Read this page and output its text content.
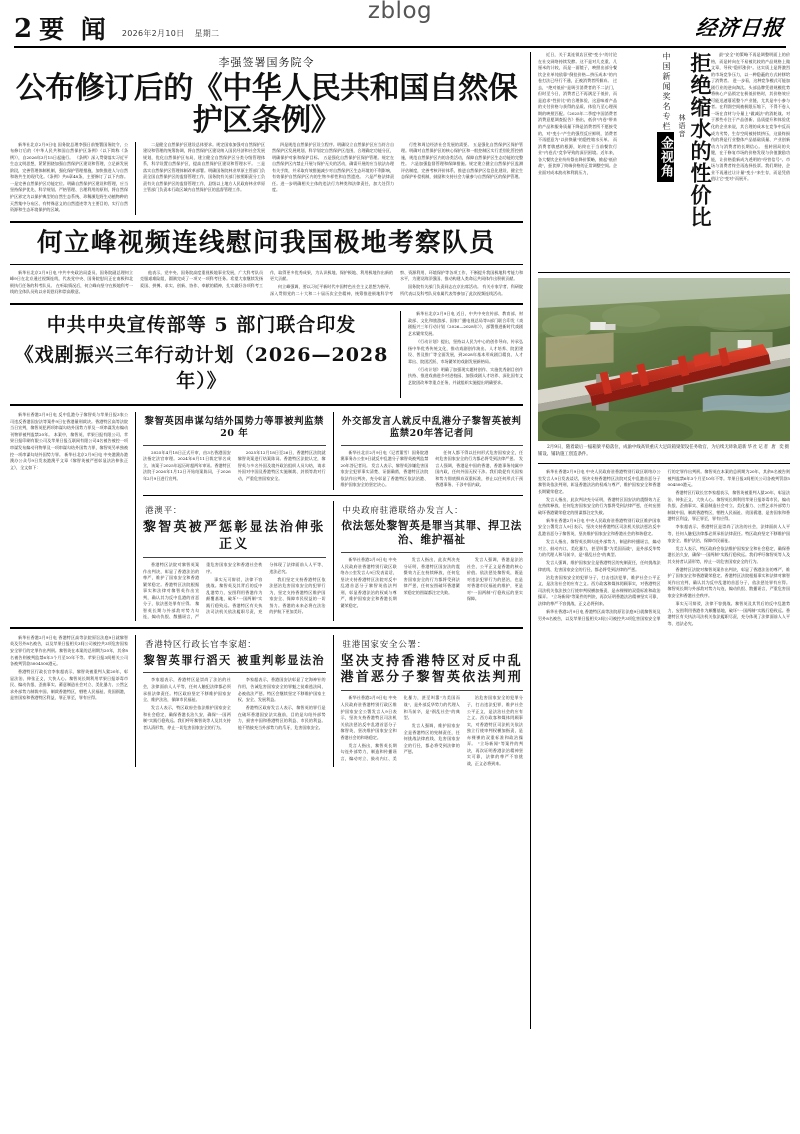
2 要 闻 2026年2月10日 星期二
zblog
经济日报
李强签署国务院令
公布修订后的《中华人民共和国自然保护区条例》

新华社北京2月9日电 国务院总理李强日前签署国务院令，公布修订后的《中华人民共和国自然保护区条例》（以下简称《条例》），自2026年3月15日起施行。 《条例》深入贯彻落实习近平生态文明思想，紧紧围绕加强自然保护区建设和管理，立足新发展阶段，完善管理体制机制，强化保护管理措施，加快推进人与自然和谐共生的现代化。《条例》共8章48条，主要修订了以下内容。 一是完善自然保护区功能定位。明确自然保护区建设和管理，应当坚持保护优先、科学规划、严格管理、合理利用的原则，将自然保护区界定为以保护典型的自然生态系统、珍稀濒危野生动植物种的天然集中分布区、有特殊意义的自然遗迹等为主要目的，实行自然资源和生态环境保护的区域。

二是健全自然保护区建设总体要求。规定国家加强对自然保护区建设和管理的统筹协调，将自然保护区建设纳入国民经济和社会发展规划，优化自然保护区布局，建立健全自然保护区分类分级管理体系，科学设置自然保护区，提高自然保护区建设和管理水平。 三是落实自然保护区管理体制改革部署。明确国务院林业草原主管部门负责全国自然保护区的监督管理工作，国务院有关部门按照职责分工负责有关自然保护区的监督管理工作，县级以上地方人民政府林业草原主管部门负责本行政区域内自然保护区的监督管理工作。

四是规范自然保护区设立程序。明确设立自然保护区应当符合自然保护区发展规划，科学划定自然保护区范围，合理确定功能分区，明确保护对象和保护目标。 五是强化自然保护区保护管理。规定在自然保护区内禁止开展与保护无关的活动，确需开展的应当依法办理有关手续，并采取有效措施减少对自然保护区生态环境的不利影响，有效保护自然保护区内的生物多样性和自然遗迹。 六是严格法律责任。进一步明确相关主体的违法行为种类和法律责任，加大处罚力度。

行性和周边经济社会发展的需要。 五是强化自然保护区保护管理。明确对自然保护区的核心保护区和一般控制区实行差别化管控措施，规范自然保护区内的各类活动，保障自然保护区生态功能的完整性。 六是加强监督管理和保障措施。规定建立健全自然保护区监测评估制度，完善考核评价体系，推进自然保护区信息化建设，健全生态保护补偿机制，鼓励和支持社会力量参与自然保护区的保护管理。

何立峰视频连线慰问我国极地考察队员

新华社北京2月9日电 中共中央政治局委员、国务院副总理何立峰9日在北京通过视频连线，代表党中央、国务院慰问正在南极和北极执行任务的科考队员。 在听取情况后，何立峰向坚守在极地科考一线的全体队员致以亲切慰问和崇高敬意。

他表示，党中央、国务院高度重视极地事业发展，广大科考队员克服艰难险阻，圆满完成了一项又一项科考任务。希望大家继续发扬爱国、拼搏、求实、创新、协作、奉献的精神，扎实做好各项科考工作，取得更多优秀成果，为认识极地、保护极地、利用极地作出新的更大贡献。

何立峰强调，要以习近平新时代中国特色社会主义思想为指导，深入贯彻党的二十大和二十届历次全会精神，统筹推进极地科学考察、资源利用、环境保护等各项工作，不断提升我国极地科考能力和水平，为建设海洋强国、推动构建人类命运共同体作出积极贡献。

国务院有关部门负责同志在京出席活动。 有关专家学者、科研院所代表以及科考队员家属代表等参加了此次视频连线活动。

中共中央宣传部等 5 部门联合印发
《戏剧振兴三年行动计划（2026—2028 年）》

新华社北京2月9日电 近日，中共中央宣传部、教育部、财政部、文化和旅游部、国家广播电视总局等5部门联合印发《戏剧振兴三年行动计划（2026—2028年）》，部署推进新时代戏剧艺术繁荣发展。

《行动计划》提出，坚持以人民为中心的创作导向，传承弘扬中华优秀传统文化，推动戏剧创作演出、人才培养、院团建设、普及推广等全面发展，到2028年基本形成剧目精良、人才辈出、院团活跃、市场繁荣的戏剧发展新格局。

《行动计划》明确了加强现实题材创作、实施优秀剧目创作扶持、推进戏曲进乡村进校园、加强戏剧人才培养、深化国有文艺院团改革等重点任务，并就组织实施提出明确要求。

新华社香港2月9日电 反中乱港分子黎智英与苹果日报3家公司违反香港国安法等案件9日在香港量刑裁决。香港特区高等法院当日宣判，黎智英犯两项串谋勾结外国势力罪及一项串谋发布煽动刊物罪被判监禁20年。 本案中，黎智英、苹果日报有限公司、苹果日报印刷有限公司及苹果日报互联网有限公司4名被告被控一项串谋发布煽动刊物罪及一项串谋勾结外国势力罪，黎智英另单独被控一项串谋勾结外国势力罪。 新华社北京2月9日电 中央港澳办港澳办公众号9日发表港澳平文章《黎智英被严惩彰显法治伸张正义》，全文如下：

黎智英因串谋勾结外国势力等罪被判监禁 20 年

2025年4月18日正式开审，由3名香港国安法指定法官审理。2024年6月11日裁定罪名成立，该案于2025年起历时超两年审讯。香港特区法院于2026年1月12日开始结案陈词，于2026年2月9日进行宣判。

2025年12月18日至26日，香港特区法院就黎智英案进行结案陈词。香港特区法院认定，黎智英与多名外国及境外政治组织人员勾结，请求外国对中国及香港特区实施制裁、封锁等敌对行动，严重危害国家安全。

外交部发言人就反中乱港分子黎智英被判监禁20年答记者问

新华社北京2月9日电（记者董雪）国务院港澳事务办公室9日就反中乱港分子黎智英被判监禁20年答记者问。 发言人表示，黎智英涉嫌危害国家安全犯罪事实清楚、证据确凿，香港特区法院依法作出判决，充分彰显了香港特区依法治港、维护国家安全的坚定决心。

任何人都不得以任何形式危害国家安全，任何危害国家安全的行为都必将受到法律严惩。 发言人强调，香港是中国的香港，香港事务纯属中国内政，任何外国无权干涉。我们敦促有关国家和势力彻底摒弃双重标准，停止以任何形式干预香港事务、干涉中国内政。

港澳平：
黎智英被严惩彰显法治伸张正义

香港特区法院对黎智英案作出判决，彰显了香港法治的尊严，维护了国家安全和香港繁荣稳定。香港特区法院根据事实和法律对黎智英作出宣判，确认其为反中乱港的首恶分子，依法惩处罪有应得。 黎智英长期与外部敌对势力勾连，煽动仇恨、散播谣言，严重危害国家安全和香港社会秩序。

事实无可辩驳，法律不容挑战。黎智英及其背后的反中乱港势力，妄图利用香港作为颠覆基地，破坏"一国两制"实践行稳致远。香港特区有关执法司法机关依法履职尽责，充分体现了法律面前人人平等、违法必究。

我们坚定支持香港特区依法惩治危害国家安全的犯罪行为，坚定支持香港特区维护国家安全、保障市民权益的一切努力。香港的未来必将在法治的护航下更加美好。

中央政府驻港联络办发言人：
依法惩处黎智英是罪当其罪、捍卫法治、维护福祉

新华社香港2月9日电 中央人民政府驻香港特别行政区联络办公室发言人9日发表谈话，坚决支持香港特区法院对反中乱港首恶分子黎智英依法判刑，彰显香港法治的权威与尊严，维护国家安全和香港长期繁荣稳定。

发言人指出，此次判决充分证明，香港特区国安法的震慑效力正在持续释放，任何危害国家安全的行为都将受到法律严惩，任何妄图破坏香港繁荣稳定的图谋都注定失败。

发言人强调，香港是法治社会，公平正义是香港的核心价值。依法惩处黎智英，既是对违法犯罪行为的惩治，也是对香港市民福祉的维护，更是对"一国两制"行稳致远的坚实保障。

新华社香港2月9日电 香港特区高等法院原讼法庭9日就黎智英及另外8名被告，以及苹果日报相关3间公司被控共3项危害国家安全罪行的定罪作出判刑。黎智英在本案的总刑期为20年，其余8名被告则被判监禁6年3个月至10年不等。苹果日报3间相关公司各被判罚款5004500港元。

香港特区行政长官李家超表示，黎智英被重判人狱20年，彰显法治、伸张正义，大快人心。黎智英长期利用苹果日报荼毒市民、煽动仇恨、歪曲事实、蓄意制造社会对立、美化暴力、公然乞求外部势力制裁中国、制裁香港特区，牺牲人民福祉、贵国祸港，是害国家和香港特区利益，罪正罪至，罪有应得。

香港特区行政长官李家超：
黎智英罪行滔天 被重判彰显法治

李家超表示，香港特区是崇尚了法治的社会，法律面前人人平等，任何人触犯法律都必须承担法律责任。特区政府坚定不移维护国家安全、维护法治，保障市民福祉。

发言人表示，特区政府会依法维护国家安全和社会稳定，确保香港长治久安，确保"一国两制"实践行稳致远。我们呼吁黎智英等人及其支持者认清形势，停止一切危害国家安全的行为。

李家超表示，香港国安法彰显了定海神针的作用，告诫危害国家安全的罪魁之徒难逃法网，必被依法严惩。特区会继续坚定不移维护国家主权、安全、发展利益。

香港特区政府发言人表示，黎智英的罪行是在破坏香港国安法实施前，目的是勾结外部势力，损害中国和香港特区的利益、市民的利益。他不惜披充当外部势力的爪牙，危害国家安全。

驻港国家安全公署：
坚决支持香港特区对反中乱港首恶分子黎智英依法判刑

新华社香港2月9日电 中央人民政府驻香港特别行政区维护国家安全公署发言人9日表示，坚决支持香港特区司法机关依法惩治反中乱港首恶分子黎智英，坚决维护国家安全和香港社会的和谐稳定。

发言人指出，黎智英长期勾连外部势力，制造和传播谣言，煽动对立、鼓动内讧、美化暴力，甚至叫嚣"为美国而战"，是外部反华势力的代理人和马前卒，是"祸乱社会"的典型。

发言人强调，维护国家安全是香港特区的宪制责任，任何挑战法律底线、危害国家安全的行径，都必将受到法律的严惩。

治危害国家安全的犯罪分子，打击违法犯罪，维护社会公平正义，是法治社会的应有之义。西方政客和媒体罔顾事实，对香港特区司法机关依法独立行使审判权横加指责，是赤裸裸的双重标准和政治操弄。 "立场新闻"等案件的判决，再次证明香港法治精神坚实可靠，法律的尊严不容挑战，正义必将到来。

近日，关于某连锁店区壁"变小"的讨论在社交网络持续发酵。这不是对几克重、几厘米的计较，而是一面镜子，映照出部分餐饮企业单纯依靠"倒挂价格—挤压成本"的内卷打法已经行不通，正被消费者所摒弃。 过去，"绝对低价"是吸引消费者的不二法门，但时至今日，消费者已不再满足于低价，而是追求"性价比"的合理体验，这意味着产品的支付价格与获得的品质、体验乃至心理预期的映照匹配。《2025年二季度中国消费者消费意愿调查报告》指出，低价"内卷"带来的产品和服务质量下降是消费者所不愿接受的，对"变小"产生的强烈反应鲜明，消费者不再愿意为"以价换量"的隐性缩水买单。 而消费者敏感的根源，始终在于当前餐饮行业"内卷式"竞争导致的深层困境。近年来，各大餐饮企业纷纷祭出降价策略，掀起"低价战"，蚕食掉了终端价格的正常调整空间。企业面对成本波动和利润压力，	拒绝缩水的性价比
林语音
中国新闻奖名专栏
金视角

最"安全"的策略不再是调整明面上的价格，而是转向在不易被比较的产品规格上做文章，导致"隐形涨价"。这实质上是将激烈的市场竞争压力，以一种隐蔽的方式转移给了消费者。 进一步看，这种竞争模式可能加剧行业的逆向淘汰。头部品牌凭借规模优势将核心产品锁定在极低价格时，其价格效应可能迅速蔓延整个产业链，尤其是中小参与者。在利润空间被极限压缩下，不得不卷入一场在食材与分量上"做减法"的消耗战。对于那些专注于产品创新、品质提升和体验优化的企业来说，其合理的成本在竞争中反而成为劣势，生存空间被持续挤压，这最终损伤的将是行业整体产品基础质量、产业创新动力与消费者的长期信心。 扭转困局的关键，在于修复市场的价格发现与价值激励功能，让价格重新成为透明的"经营信号"。市场与消费者终会再选择投票。我们期待，企业不再通过让计量"变小"来生存，而是凭借值让它"变对"而展开。

新华社记者 唐 奕摄
2月9日，随着最后一榀箱梁平稳落位，成渝中线高铁重庆大足段箱梁架设任务收官，为后续无砟轨道铺设、铺轨施工创造条件。

新华社香港2月9日电 中央人民政府驻香港特别行政区联络办公室发言人9日发表谈话，坚决支持香港特区法院对反中乱港首恶分子黎智英依法判刑，彰显香港法治的权威与尊严，维护国家安全和香港长期繁荣稳定。

发言人指出，此次判决充分证明，香港特区国安法的震慑效力正在持续释放，任何危害国家安全的行为都将受到法律严惩，任何妄图破坏香港繁荣稳定的图谋都注定失败。

新华社香港2月9日电 中央人民政府驻香港特别行政区维护国家安全公署发言人9日表示，坚决支持香港特区司法机关依法惩治反中乱港首恶分子黎智英，坚决维护国家安全和香港社会的和谐稳定。

发言人指出，黎智英长期勾连外部势力，制造和传播谣言，煽动对立、鼓动内讧、美化暴力，甚至叫嚣"为美国而战"，是外部反华势力的代理人和马前卒，是"祸乱社会"的典型。

发言人强调，维护国家安全是香港特区的宪制责任，任何挑战法律底线、危害国家安全的行径，都必将受到法律的严惩。

治危害国家安全的犯罪分子，打击违法犯罪，维护社会公平正义，是法治社会的应有之义。西方政客和媒体罔顾事实，对香港特区司法机关依法独立行使审判权横加指责，是赤裸裸的双重标准和政治操弄。 "立场新闻"等案件的判决，再次证明香港法治精神坚实可靠，法律的尊严不容挑战，正义必将到来。

新华社香港2月9日电 香港特区高等法院原讼法庭9日就黎智英及另外8名被告，以及苹果日报相关3间公司被控共3项危害国家安全罪行的定罪作出判刑。黎智英在本案的总刑期为20年，其余8名被告则被判监禁6年3个月至10年不等。苹果日报3间相关公司各被判罚款5004500港元。

香港特区行政长官李家超表示，黎智英被重判人狱20年，彰显法治、伸张正义，大快人心。黎智英长期利用苹果日报荼毒市民、煽动仇恨、歪曲事实、蓄意制造社会对立、美化暴力、公然乞求外部势力制裁中国、制裁香港特区，牺牲人民福祉、贵国祸港，是害国家和香港特区利益，罪正罪至，罪有应得。

李家超表示，香港特区是崇尚了法治的社会，法律面前人人平等，任何人触犯法律都必须承担法律责任。特区政府坚定不移维护国家安全、维护法治，保障市民福祉。

发言人表示，特区政府会依法维护国家安全和社会稳定，确保香港长治久安，确保"一国两制"实践行稳致远。我们呼吁黎智英等人及其支持者认清形势，停止一切危害国家安全的行为。

香港特区法院对黎智英案作出判决，彰显了香港法治的尊严，维护了国家安全和香港繁荣稳定。香港特区法院根据事实和法律对黎智英作出宣判，确认其为反中乱港的首恶分子，依法惩处罪有应得。 黎智英长期与外部敌对势力勾连，煽动仇恨、散播谣言，严重危害国家安全和香港社会秩序。

事实无可辩驳，法律不容挑战。黎智英及其背后的反中乱港势力，妄图利用香港作为颠覆基地，破坏"一国两制"实践行稳致远。香港特区有关执法司法机关依法履职尽责，充分体现了法律面前人人平等、违法必究。
